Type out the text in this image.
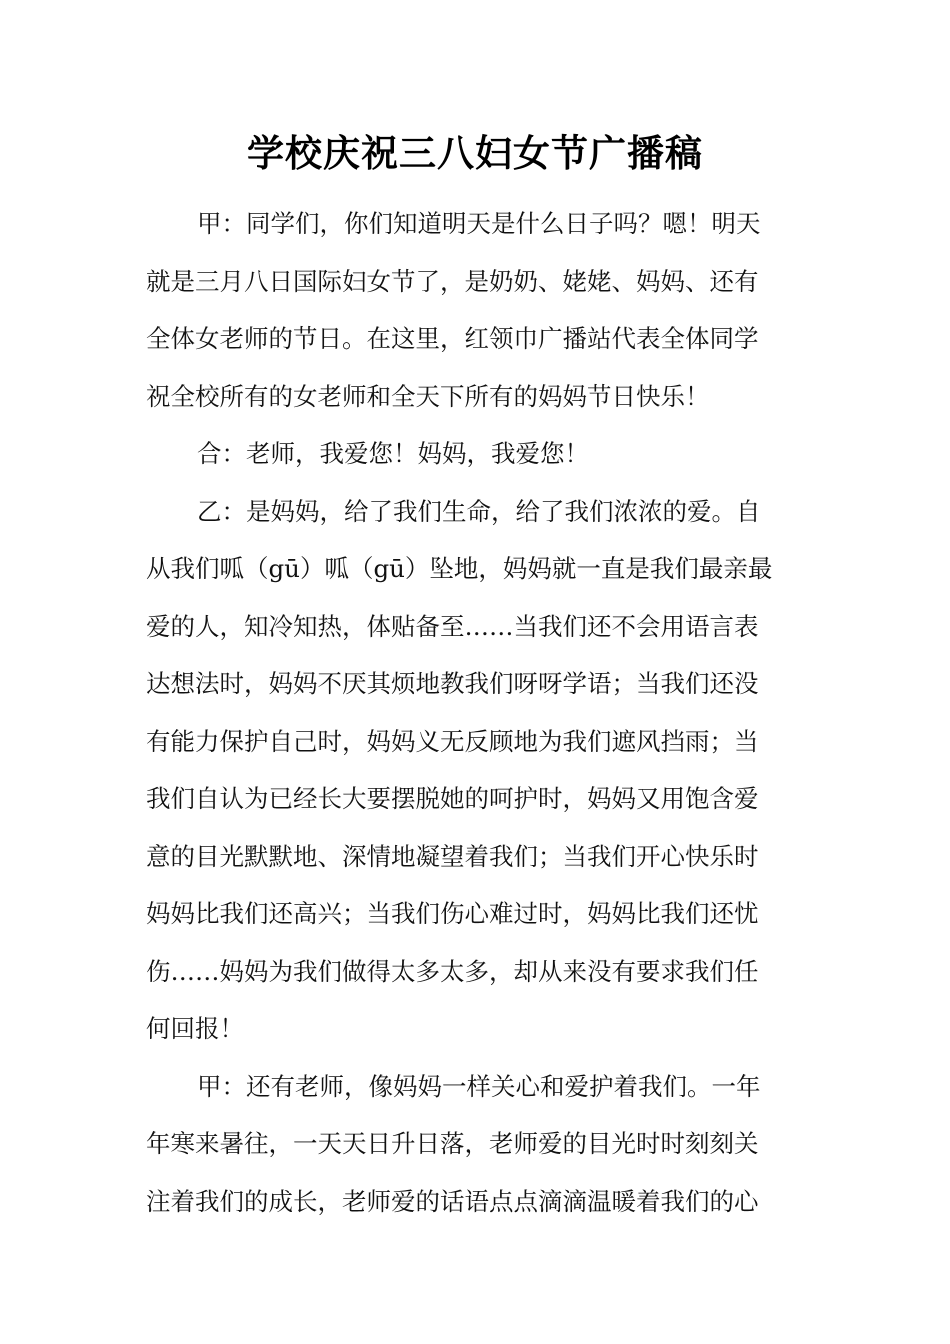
学校庆祝三八妇女节广播稿
甲：同学们，你们知道明天是什么日子吗？嗯！明天
就是三月八日国际妇女节了，是奶奶、姥姥、妈妈、还有
全体女老师的节日。在这里，红领巾广播站代表全体同学
祝全校所有的女老师和全天下所有的妈妈节日快乐！
合：老师，我爱您！妈妈，我爱您！
乙：是妈妈，给了我们生命，给了我们浓浓的爱。自
从我们呱（gū）呱（gū）坠地，妈妈就一直是我们最亲最
爱的人，知冷知热，体贴备至……当我们还不会用语言表
达想法时，妈妈不厌其烦地教我们呀呀学语；当我们还没
有能力保护自己时，妈妈义无反顾地为我们遮风挡雨；当
我们自认为已经长大要摆脱她的呵护时，妈妈又用饱含爱
意的目光默默地、深情地凝望着我们；当我们开心快乐时
妈妈比我们还高兴；当我们伤心难过时，妈妈比我们还忧
伤……妈妈为我们做得太多太多，却从来没有要求我们任
何回报！
甲：还有老师，像妈妈一样关心和爱护着我们。一年
年寒来暑往，一天天日升日落，老师爱的目光时时刻刻关
注着我们的成长，老师爱的话语点点滴滴温暖着我们的心
